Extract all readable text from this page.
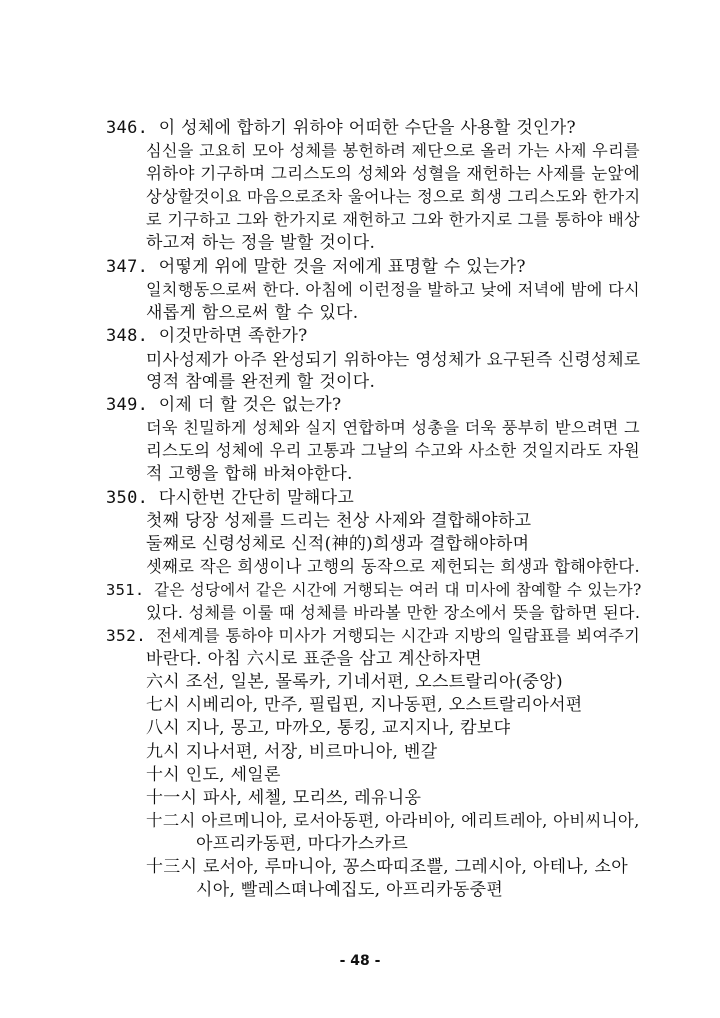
346. 이 성체에 합하기 위하야 어떠한 수단을 사용할 것인가?
심신을 고요히 모아 성체를 봉헌하려 제단으로 올러 가는 사제 우리를
위하야 기구하며 그리스도의 성체와 성혈을 재헌하는 사제를 눈앞에
상상할것이요 마음으로조차 울어나는 정으로 희생 그리스도와 한가지
로 기구하고 그와 한가지로 재헌하고 그와 한가지로 그를 통하야 배상
하고져 하는 정을 발할 것이다.
347. 어떻게 위에 말한 것을 저에게 표명할 수 있는가?
일치행동으로써 한다. 아침에 이런정을 발하고 낮에 저녁에 밤에 다시
새롭게 함으로써 할 수 있다.
348. 이것만하면 족한가?
미사성제가 아주 완성되기 위하야는 영성체가 요구된즉 신령성체로
영적 참예를 완전케 할 것이다.
349. 이제 더 할 것은 없는가?
더욱 친밀하게 성체와 실지 연합하며 성총을 더욱 풍부히 받으려면 그
리스도의 성체에 우리 고통과 그날의 수고와 사소한 것일지라도 자원
적 고행을 합해 바쳐야한다.
350. 다시한번 간단히 말해다고
첫째 당장 성제를 드리는 천상 사제와 결합해야하고
둘째로 신령성체로 신적(神的)희생과 결합해야하며
셋째로 작은 희생이나 고행의 동작으로 제헌되는 희생과 합해야한다.
351. 같은 성당에서 같은 시간에 거행되는 여러 대 미사에 참예할 수 있는가?
있다. 성체를 이룰 때 성체를 바라볼 만한 장소에서 뜻을 합하면 된다.
352. 전세계를 통하야 미사가 거행되는 시간과 지방의 일람표를 뵈여주기
바란다. 아침 六시로 표준을 삼고 계산하자면
六시 조선, 일본, 몰록카, 기네서편, 오스트랄리아(중앙)
七시 시베리아, 만주, 필립핀, 지나동편, 오스트랄리아서편
八시 지나, 몽고, 마까오, 통킹, 교지지나, 캄보댜
九시 지나서편, 서장, 비르마니아, 벤갈
十시 인도, 세일론
十一시 파사, 세첼, 모리쓰, 레유니옹
十二시 아르메니아, 로서아동편, 아라비아, 에리트레아, 아비씨니아,
아프리카동편, 마다가스카르
十三시 로서아, 루마니아, 꽁스따띠조쁠, 그레시아, 아테나, 소아
시아, 빨레스뗘나예집도, 아프리카동중편
- 48 -
